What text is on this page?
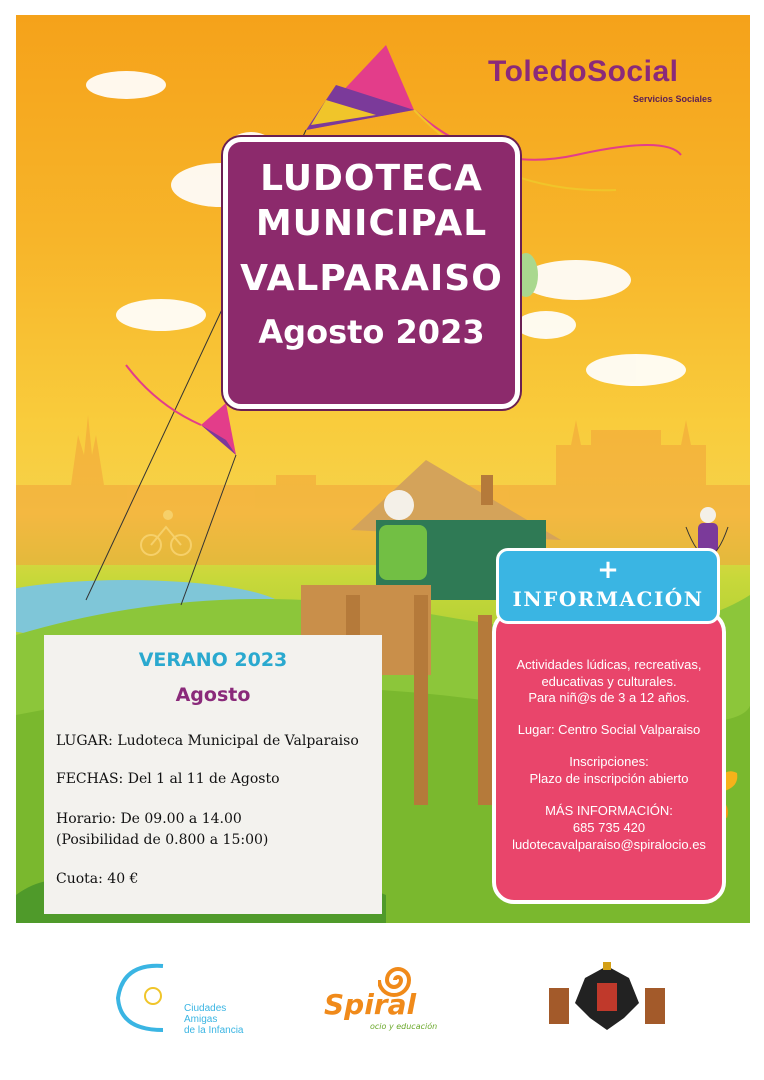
ToledoSocial
Servicios Sociales
LUDOTECA
MUNICIPAL
VALPARAISO
Agosto 2023
VERANO 2023
Agosto
LUGAR: Ludoteca Municipal de Valparaiso
FECHAS: Del 1 al 11 de Agosto
Horario: De 09.00 a 14.00
(Posibilidad de 0.800 a 15:00)
Cuota: 40 €
Actividades lúdicas, recreativas,
educativas y culturales.
Para niñ@s de 3 a 12 años.
Lugar: Centro Social Valparaiso
Inscripciones:
Plazo de inscripción abierto
MÁS INFORMACIÓN:
685 735 420
ludotecavalparaiso@spiralocio.es
+
INFORMACIÓN
Ciudades
Amigas
de la Infancia
Spiral
ocio y educación
